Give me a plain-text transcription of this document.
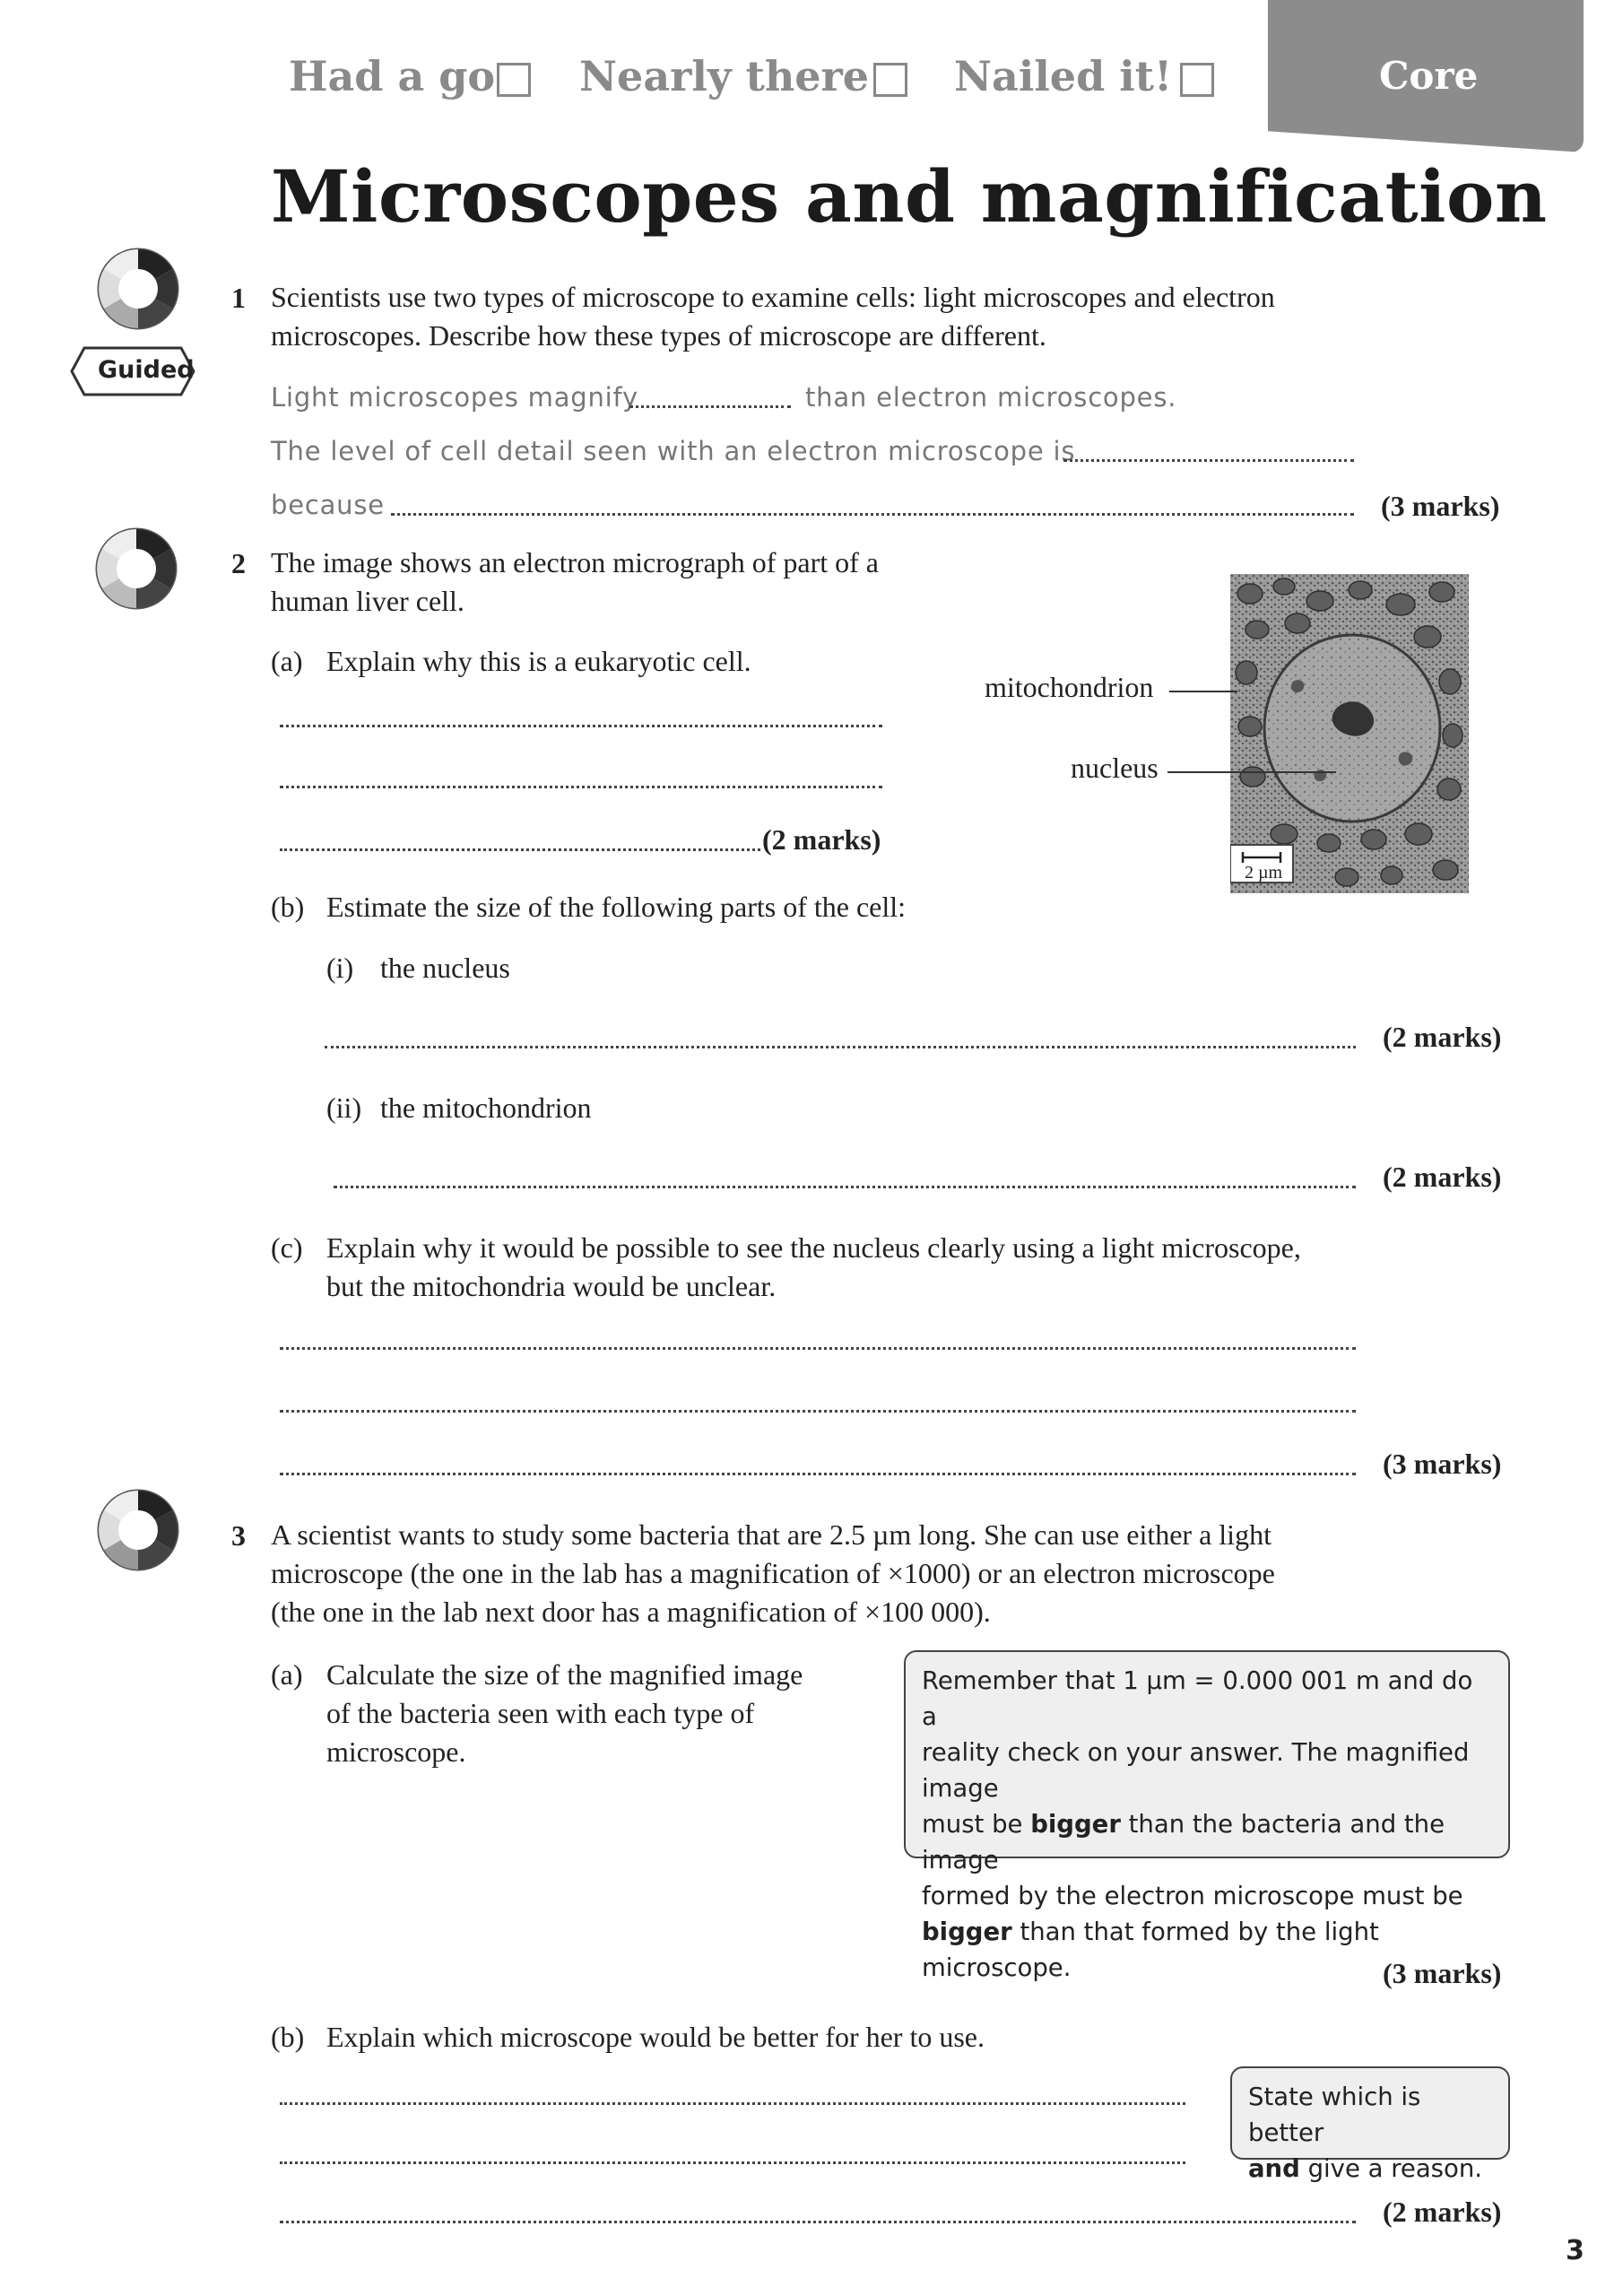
Had a go Nearly there Nailed it!	Core
Microscopes and magnification
Guided
1 Scientists use two types of microscope to examine cells: light microscopes and electron
microscopes. Describe how these types of microscope are different.
Light microscopes magnify	than electron microscopes.
The level of cell detail seen with an electron microscope is
because	(3 marks)
2 The image shows an electron micrograph of part of a
human liver cell.
(a) Explain why this is a eukaryotic cell.
(2 marks)
2 µm
mitochondrion
nucleus
(b) Estimate the size of the following parts of the cell:
(i) the nucleus
(2 marks)
(ii) the mitochondrion
(2 marks)
(c) Explain why it would be possible to see the nucleus clearly using a light microscope,
but the mitochondria would be unclear.
(3 marks)
3 A scientist wants to study some bacteria that are 2.5 µm long. She can use either a light
microscope (the one in the lab has a magnification of ×1000) or an electron microscope
(the one in the lab next door has a magnification of ×100 000).
(a) Calculate the size of the magnified image
of the bacteria seen with each type of
microscope.
Remember that 1 µm = 0.000 001 m and do a
reality check on your answer. The magnified image
must be bigger than the bacteria and the image
formed by the electron microscope must be
bigger than that formed by the light microscope.	(3 marks)
(b) Explain which microscope would be better for her to use.
(2 marks)
State which is better
and give a reason.
3
